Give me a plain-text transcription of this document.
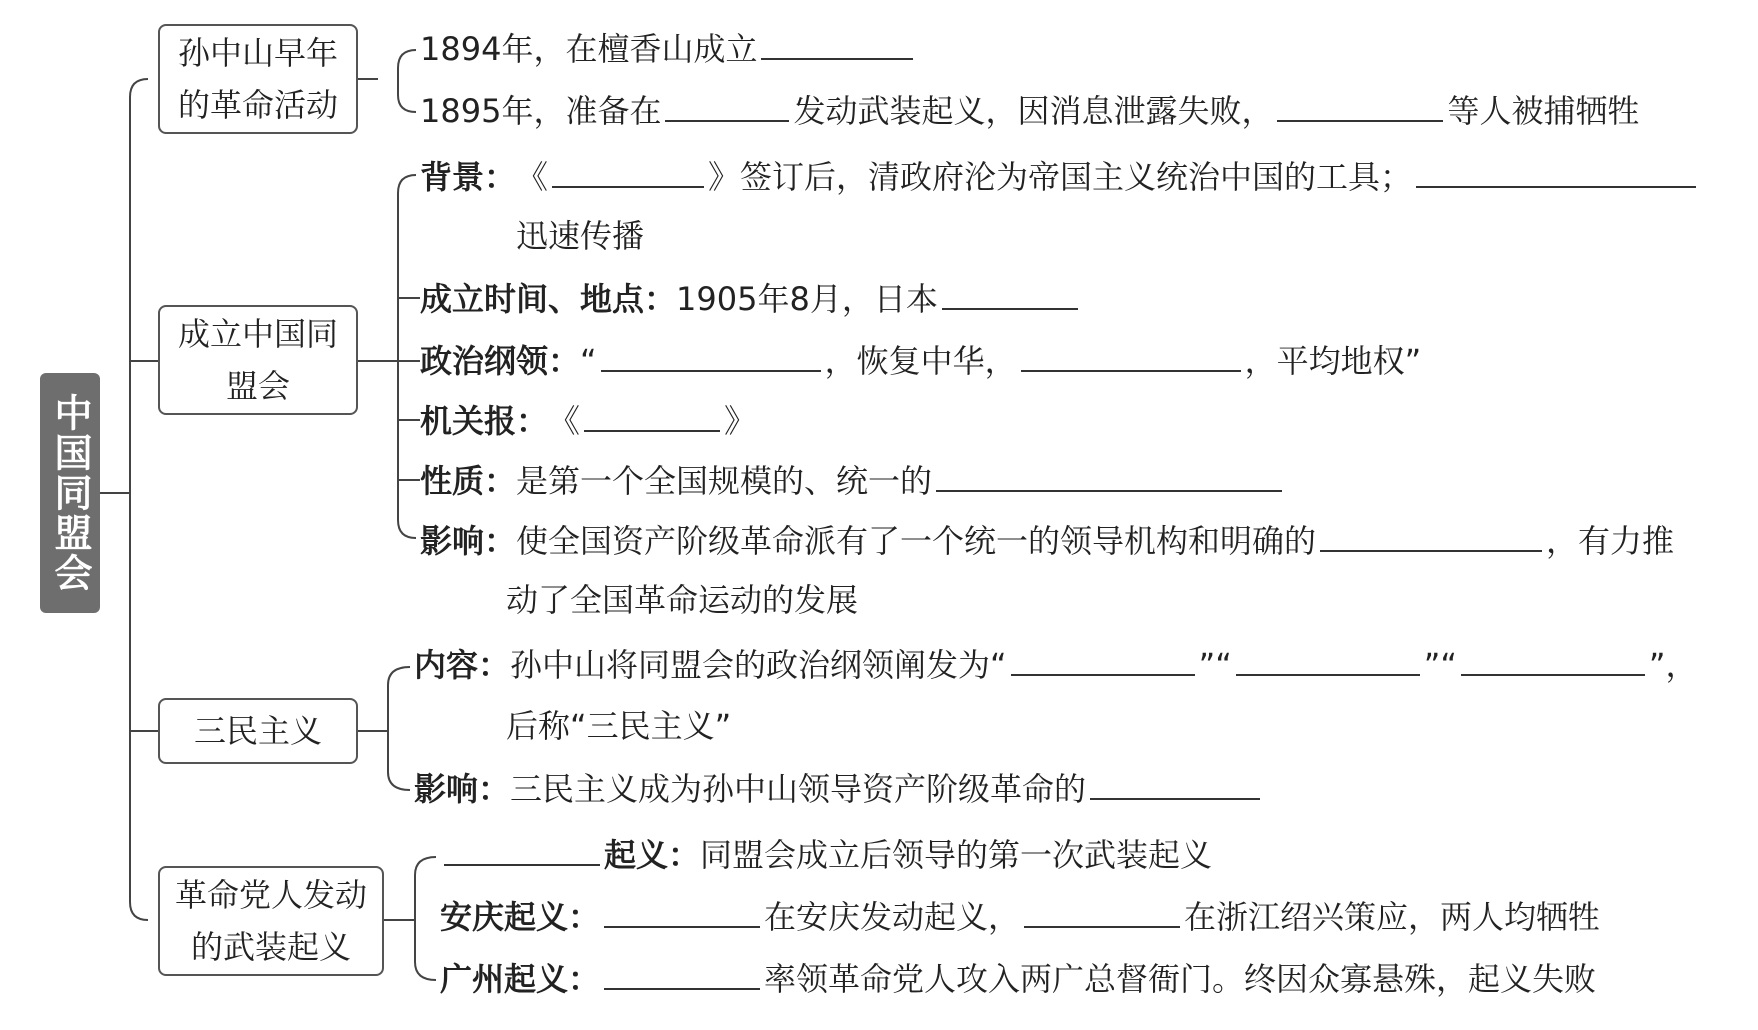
中国同盟会
孙中山早年的革命活动
成立中国同盟会
三民主义
革命党人发动的武装起义
1894年，在檀香山成立
1895年，准备在	发动武装起义，因消息泄露失败，	等人被捕牺牲
背景： 《	》签订后，清政府沦为帝国主义统治中国的工具；
迅速传播
成立时间、地点： 1905年8月，日本
政治纲领： “	，恢复中华，	，平均地权”
机关报： 《	》
性质： 是第一个全国规模的、统一的
影响： 使全国资产阶级革命派有了一个统一的领导机构和明确的	，有力推
动了全国革命运动的发展
内容： 孙中山将同盟会的政治纲领阐发为“	”“	”“	”，
后称“三民主义”
影响： 三民主义成为孙中山领导资产阶级革命的
起义： 同盟会成立后领导的第一次武装起义
安庆起义：	在安庆发动起义，	在浙江绍兴策应，两人均牺牲
广州起义：	率领革命党人攻入两广总督衙门。终因众寡悬殊，起义失败
